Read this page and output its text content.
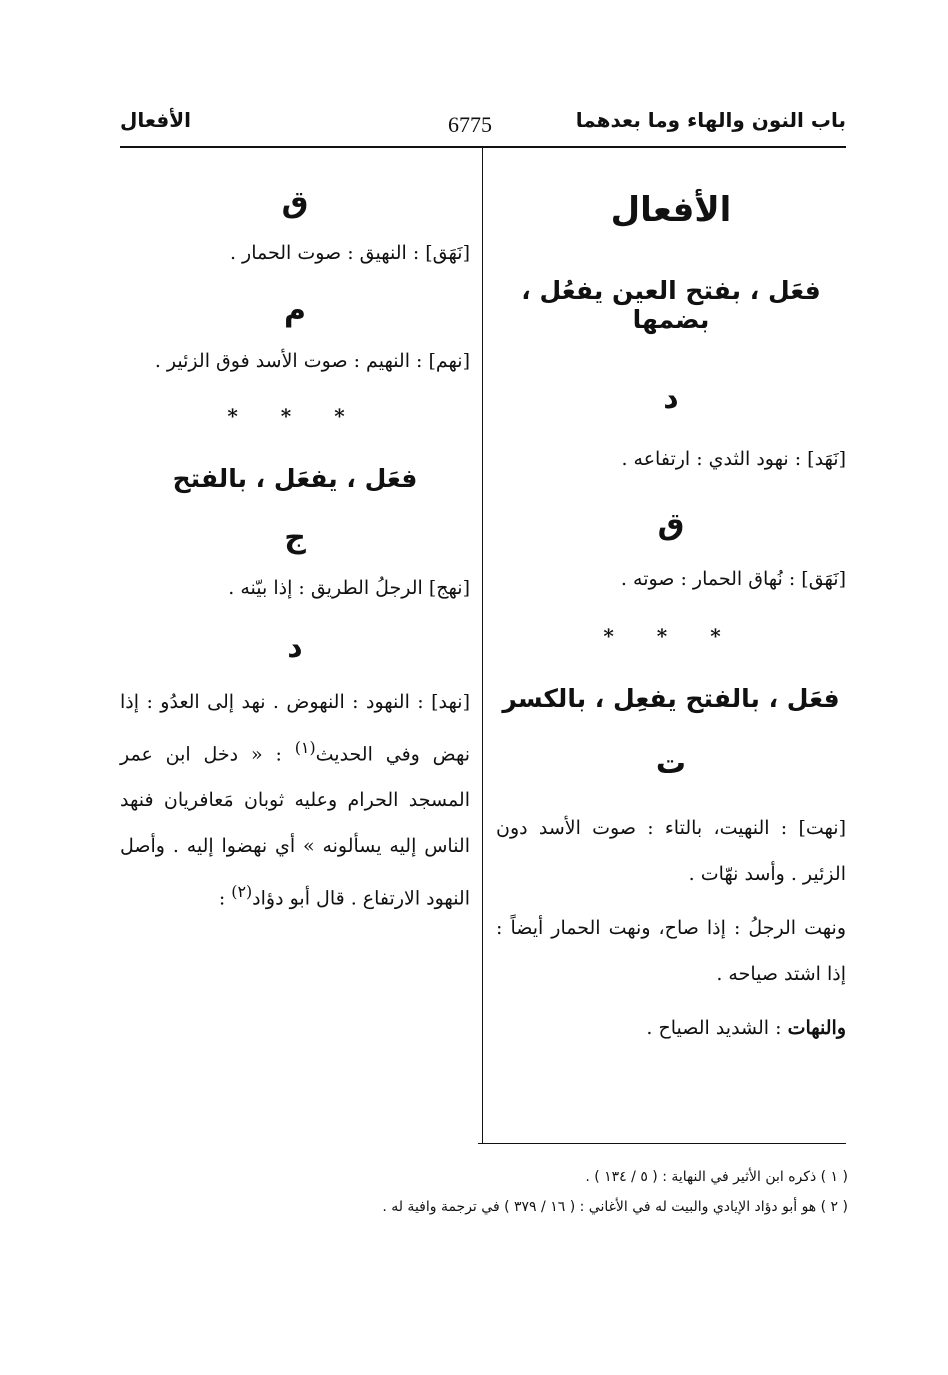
باب النون والهاء وما بعدهما
6775
الأفعال
الأفعال
فعَل ، بفتح العين يفعُل ، بضمها
د
[نَهَد] : نهود الثدي : ارتفاعه .
ق
[نَهَق] : نُهاق الحمار : صوته .
* * *
فعَل ، بالفتح يفعِل ، بالكسر
ت
[نهت] : النهيت، بالتاء : صوت الأسد دون الزئير . وأسد نهّات .
ونهت الرجلُ : إذا صاح، ونهت الحمار أيضاً : إذا اشتد صياحه .
والنهات : الشديد الصياح .
ق
[نَهَق] : النهيق : صوت الحمار .
م
[نهم] : النهيم : صوت الأسد فوق الزئير .
* * *
فعَل ، يفعَل ، بالفتح
ج
[نهج] الرجلُ الطريق : إذا بيّنه .
د
[نهد] : النهود : النهوض . نهد إلى العدُو : إذا نهض وفي الحديث$^{(١)}$ : « دخل ابن عمر المسجد الحرام وعليه ثوبان مَعافريان فنهد الناس إليه يسألونه » أي نهضوا إليه . وأصل النهود الارتفاع . قال أبو دؤاد$^{(٢)}$ :
( ١ ) ذكره ابن الأثير في النهاية : ( ٥ / ١٣٤ ) .
( ٢ ) هو أبو دؤاد الإيادي والبيت له في الأغاني : ( ١٦ / ٣٧٩ ) في ترجمة وافية له .
